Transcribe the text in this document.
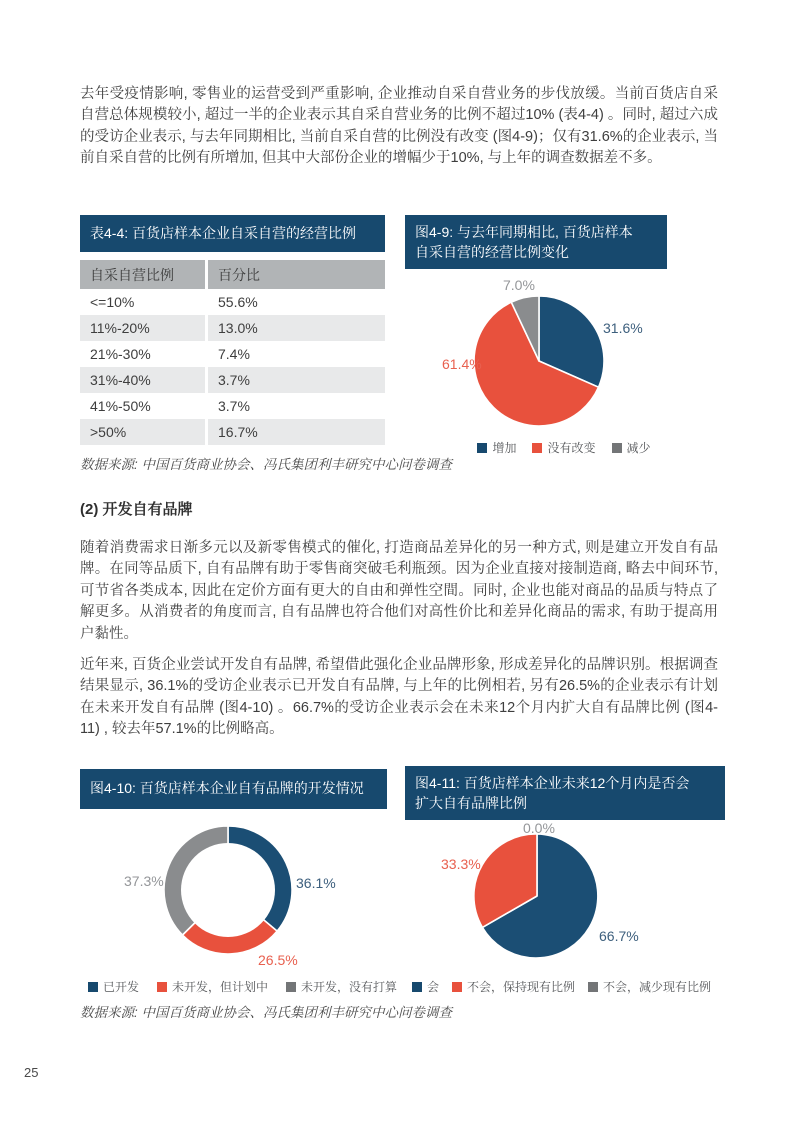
去年受疫情影响, 零售业的运营受到严重影响, 企业推动自采自营业务的步伐放缓。当前百货店自采自营总体规模较小, 超过一半的企业表示其自采自营业务的比例不超过10% (表4-4) 。同时, 超过六成的受访企业表示, 与去年同期相比, 当前自采自营的比例没有改变 (图4-9)；仅有31.6%的企业表示, 当前自采自营的比例有所增加, 但其中大部份企业的增幅少于10%, 与上年的调查数据差不多。
表4-4: 百货店样本企业自采自营的经营比例
自采自营比例	百分比
<=10%	55.6%
11%-20%	13.0%
21%-30%	7.4%
31%-40%	3.7%
41%-50%	3.7%
>50%	16.7%
图4-9: 与去年同期相比, 百货店样本
自采自营的经营比例变化
7.0%
31.6%
61.4%
增加	没有改变	减少
数据来源: 中国百货商业协会、冯氏集团利丰研究中心问卷调查
(2) 开发自有品牌
随着消费需求日渐多元以及新零售模式的催化, 打造商品差异化的另一种方式, 则是建立开发自有品牌。在同等品质下, 自有品牌有助于零售商突破毛利瓶颈。因为企业直接对接制造商, 略去中间环节, 可节省各类成本, 因此在定价方面有更大的自由和弹性空間。同时, 企业也能对商品的品质与特点了解更多。从消费者的角度而言, 自有品牌也符合他们对高性价比和差异化商品的需求, 有助于提高用户黏性。
近年来, 百货企业尝试开发自有品牌, 希望借此强化企业品牌形象, 形成差异化的品牌识别。根据调查结果显示, 36.1%的受访企业表示已开发自有品牌, 与上年的比例相若, 另有26.5%的企业表示有计划在未来开发自有品牌 (图4-10) 。66.7%的受访企业表示会在未来12个月内扩大自有品牌比例 (图4-11) , 较去年57.1%的比例略高。
图4-10: 百货店样本企业自有品牌的开发情况
37.3%	36.1%
26.5%
图4-11: 百货店样本企业未来12个月内是否会
扩大自有品牌比例
0.0%
33.3%
66.7%
已开发	未开发，但计划中	未开发，没有打算 会 不会，保持现有比例 不会，减少现有比例
数据来源: 中国百货商业协会、冯氏集团利丰研究中心问卷调查
25
